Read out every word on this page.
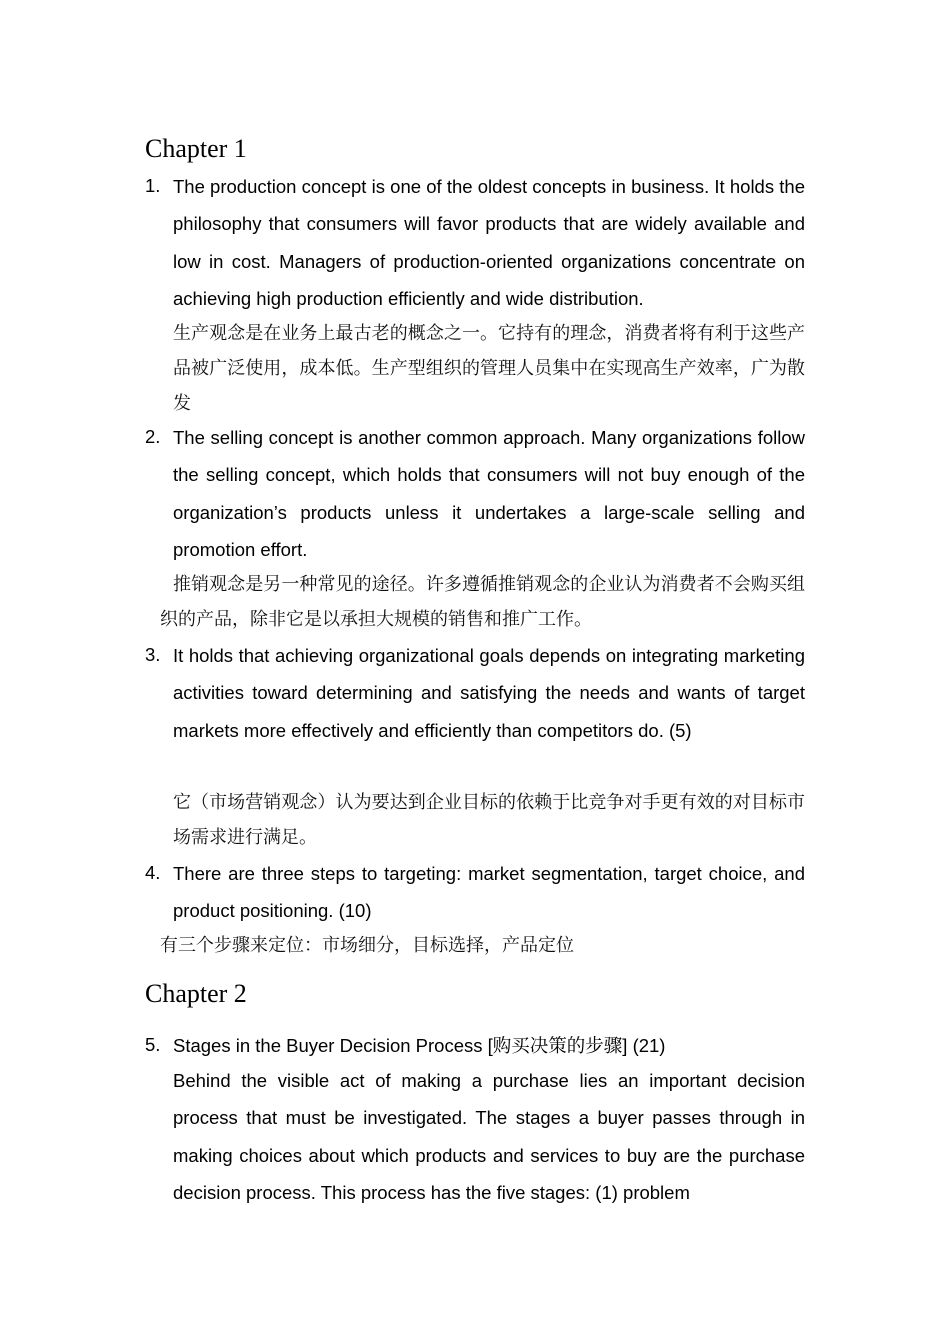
Chapter 1
1. The production concept is one of the oldest concepts in business. It holds the philosophy that consumers will favor products that are widely available and low in cost. Managers of production-oriented organizations concentrate on achieving high production efficiently and wide distribution.
生产观念是在业务上最古老的概念之一。它持有的理念，消费者将有利于这些产品被广泛使用，成本低。生产型组织的管理人员集中在实现高生产效率，广为散发
2. The selling concept is another common approach. Many organizations follow the selling concept, which holds that consumers will not buy enough of the organization’s products unless it undertakes a large-scale selling and promotion effort.
推销观念是另一种常见的途径。许多遵循推销观念的企业认为消费者不会购买组织的产品，除非它是以承担大规模的销售和推广工作。
3. It holds that achieving organizational goals depends on integrating marketing activities toward determining and satisfying the needs and wants of target markets more effectively and efficiently than competitors do. (5)
它（市场营销观念）认为要达到企业目标的依赖于比竞争对手更有效的对目标市场需求进行满足。
4. There are three steps to targeting: market segmentation, target choice, and product positioning. (10)
有三个步骤来定位：市场细分，目标选择，产品定位
Chapter 2
5. Stages in the Buyer Decision Process [购买决策的步骤] (21)
Behind the visible act of making a purchase lies an important decision process that must be investigated. The stages a buyer passes through in making choices about which products and services to buy are the purchase decision process. This process has the five stages: (1) problem
